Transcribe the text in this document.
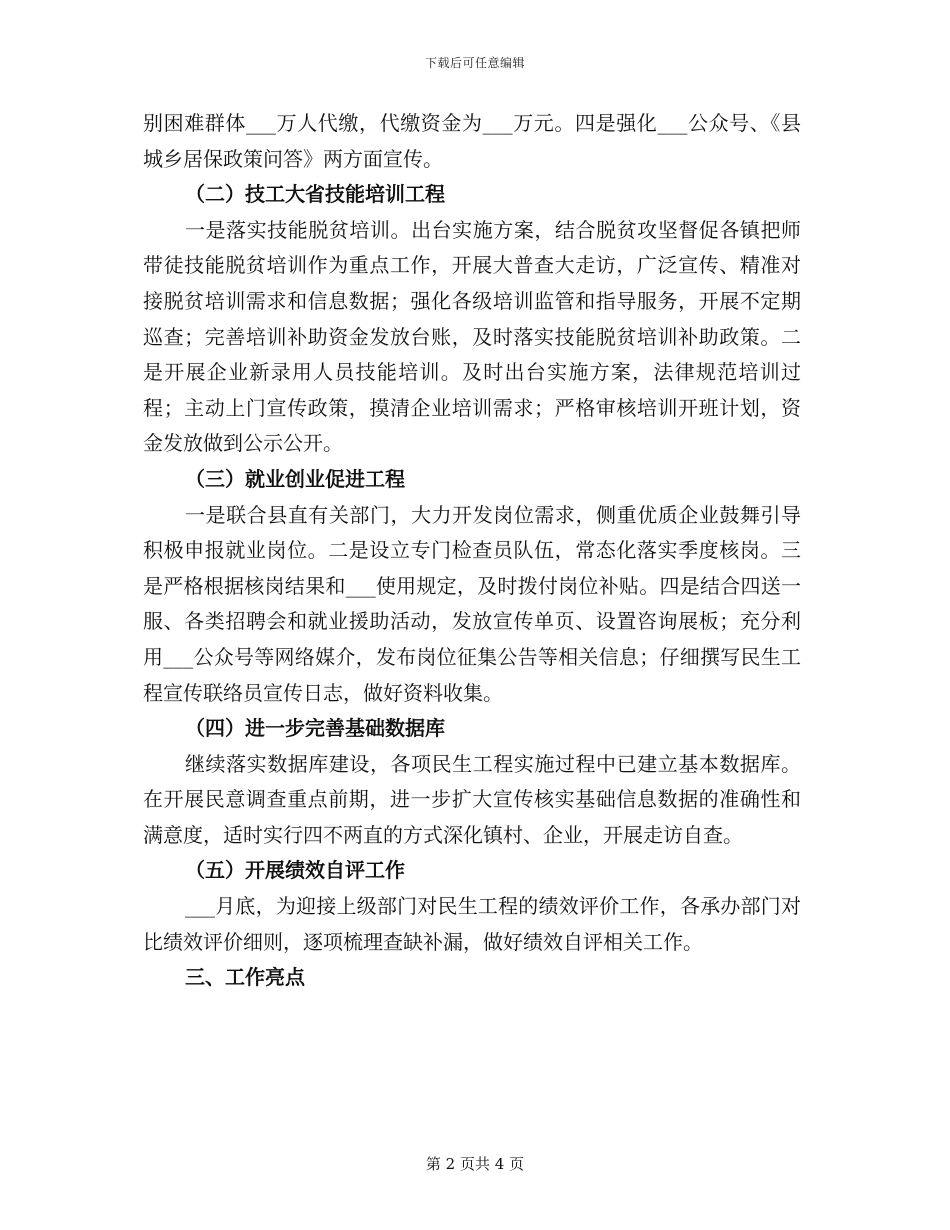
下载后可任意编辑

别困难群体___万人代缴，代缴资金为___万元。四是强化___公众号、《县城乡居保政策问答》两方面宣传。

（二）技工大省技能培训工程

一是落实技能脱贫培训。出台实施方案，结合脱贫攻坚督促各镇把师带徒技能脱贫培训作为重点工作，开展大普查大走访，广泛宣传、精准对接脱贫培训需求和信息数据；强化各级培训监管和指导服务，开展不定期巡查；完善培训补助资金发放台账，及时落实技能脱贫培训补助政策。二是开展企业新录用人员技能培训。及时出台实施方案，法律规范培训过程；主动上门宣传政策，摸清企业培训需求；严格审核培训开班计划，资金发放做到公示公开。

（三）就业创业促进工程

一是联合县直有关部门，大力开发岗位需求，侧重优质企业鼓舞引导积极申报就业岗位。二是设立专门检查员队伍，常态化落实季度核岗。三是严格根据核岗结果和___使用规定，及时拨付岗位补贴。四是结合四送一服、各类招聘会和就业援助活动，发放宣传单页、设置咨询展板；充分利用___公众号等网络媒介，发布岗位征集公告等相关信息；仔细撰写民生工程宣传联络员宣传日志，做好资料收集。

（四）进一步完善基础数据库

继续落实数据库建设，各项民生工程实施过程中已建立基本数据库。在开展民意调查重点前期，进一步扩大宣传核实基础信息数据的准确性和满意度，适时实行四不两直的方式深化镇村、企业，开展走访自查。

（五）开展绩效自评工作

___月底，为迎接上级部门对民生工程的绩效评价工作，各承办部门对比绩效评价细则，逐项梳理查缺补漏，做好绩效自评相关工作。

三、工作亮点

第 2 页共 4 页
